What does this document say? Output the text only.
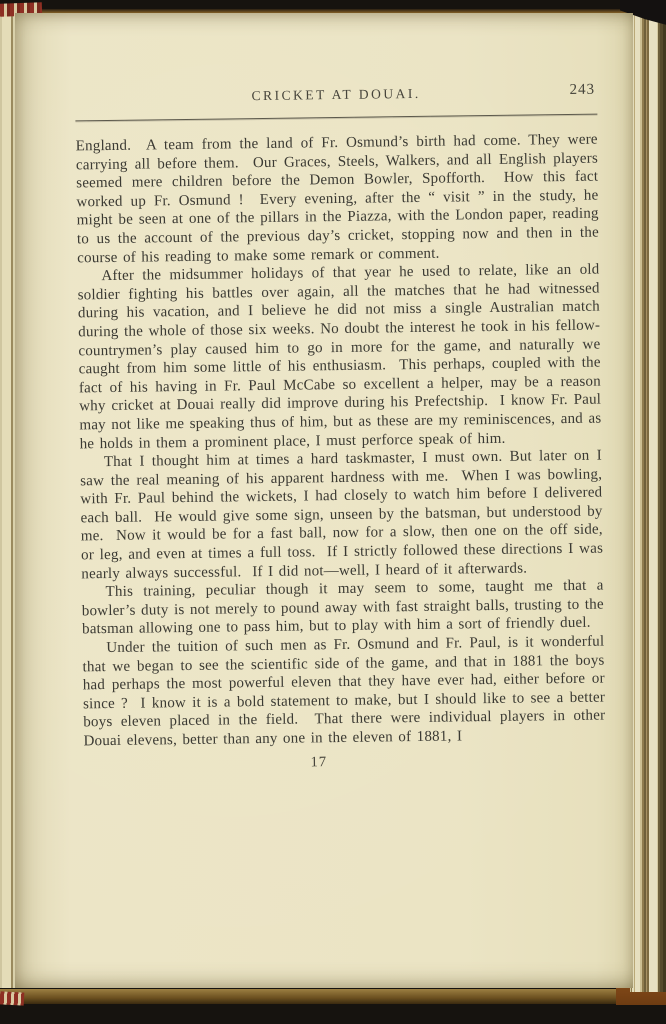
CRICKET AT DOUAI.	243

England.  A team from the land of Fr. Osmund’s birth had come. They were carrying all before them.  Our Graces, Steels, Walkers, and all English players seemed mere children before the Demon Bowler, Spofforth.  How this fact worked up Fr. Osmund !  Every evening, after the “ visit ” in the study, he might be seen at one of the pillars in the Piazza, with the London paper, reading to us the account of the previous day’s cricket, stopping now and then in the course of his reading to make some remark or comment.

After the midsummer holidays of that year he used to relate, like an old soldier fighting his battles over again, all the matches that he had witnessed during his vacation, and I believe he did not miss a single Australian match during the whole of those six weeks. No doubt the interest he took in his fellow-countrymen’s play caused him to go in more for the game, and naturally we caught from him some little of his enthusiasm.  This perhaps, coupled with the fact of his having in Fr. Paul McCabe so excellent a helper, may be a reason why cricket at Douai really did improve during his Prefectship.  I know Fr. Paul may not like me speaking thus of him, but as these are my reminiscences, and as he holds in them a prominent place, I must perforce speak of him.

That I thought him at times a hard taskmaster, I must own. But later on I saw the real meaning of his apparent hardness with me.  When I was bowling, with Fr. Paul behind the wickets, I had closely to watch him before I delivered each ball.  He would give some sign, unseen by the batsman, but understood by me.  Now it would be for a fast ball, now for a slow, then one on the off side, or leg, and even at times a full toss.  If I strictly followed these directions I was nearly always successful.  If I did not—well, I heard of it afterwards.

This training, peculiar though it may seem to some, taught me that a bowler’s duty is not merely to pound away with fast straight balls, trusting to the batsman allowing one to pass him, but to play with him a sort of friendly duel.

Under the tuition of such men as Fr. Osmund and Fr. Paul, is it wonderful that we began to see the scientific side of the game, and that in 1881 the boys had perhaps the most powerful eleven that they have ever had, either before or since ?  I know it is a bold statement to make, but I should like to see a better boys eleven placed in the field.  That there were individual players in other Douai elevens, better than any one in the eleven of 1881, I

17
